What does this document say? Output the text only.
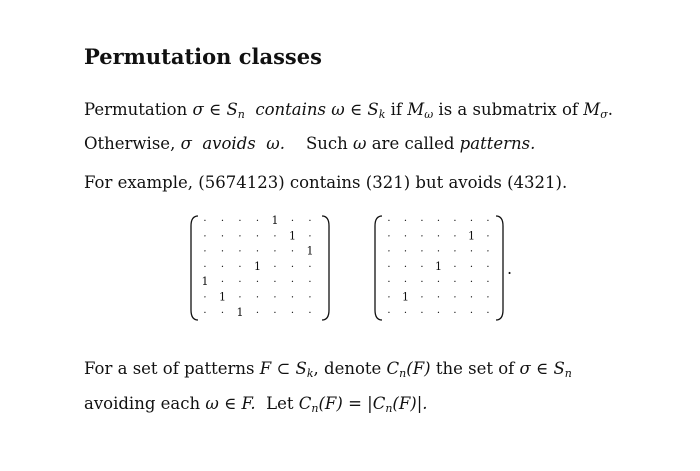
Permutation classes
Permutation σ ∈ $S_n$ contains ω ∈ $S_k$ if $M_\omega$ is a submatrix of $M_\sigma$.
Otherwise, σ avoids ω. Such ω are called patterns.
For example, (5674123) contains (321) but avoids (4321).
· · · · 1 · ·
· · · · · 1 ·
· · · · · · 1
· · · 1 · · ·
1 · · · · · ·
· 1 · · · · ·
· · 1 · · · ·
· · · · · · ·
· · · · · 1 ·
· · · · · · ·
· · · 1 · · ·
· · · · · · ·
· 1 · · · · ·
· · · · · · ·
.
For a set of patterns F ⊂ $S_k$, denote $C_n(F)$ the set of σ ∈ $S_n$
avoiding each ω ∈ F. Let $C_n(F) = |C_n(F)|$.
